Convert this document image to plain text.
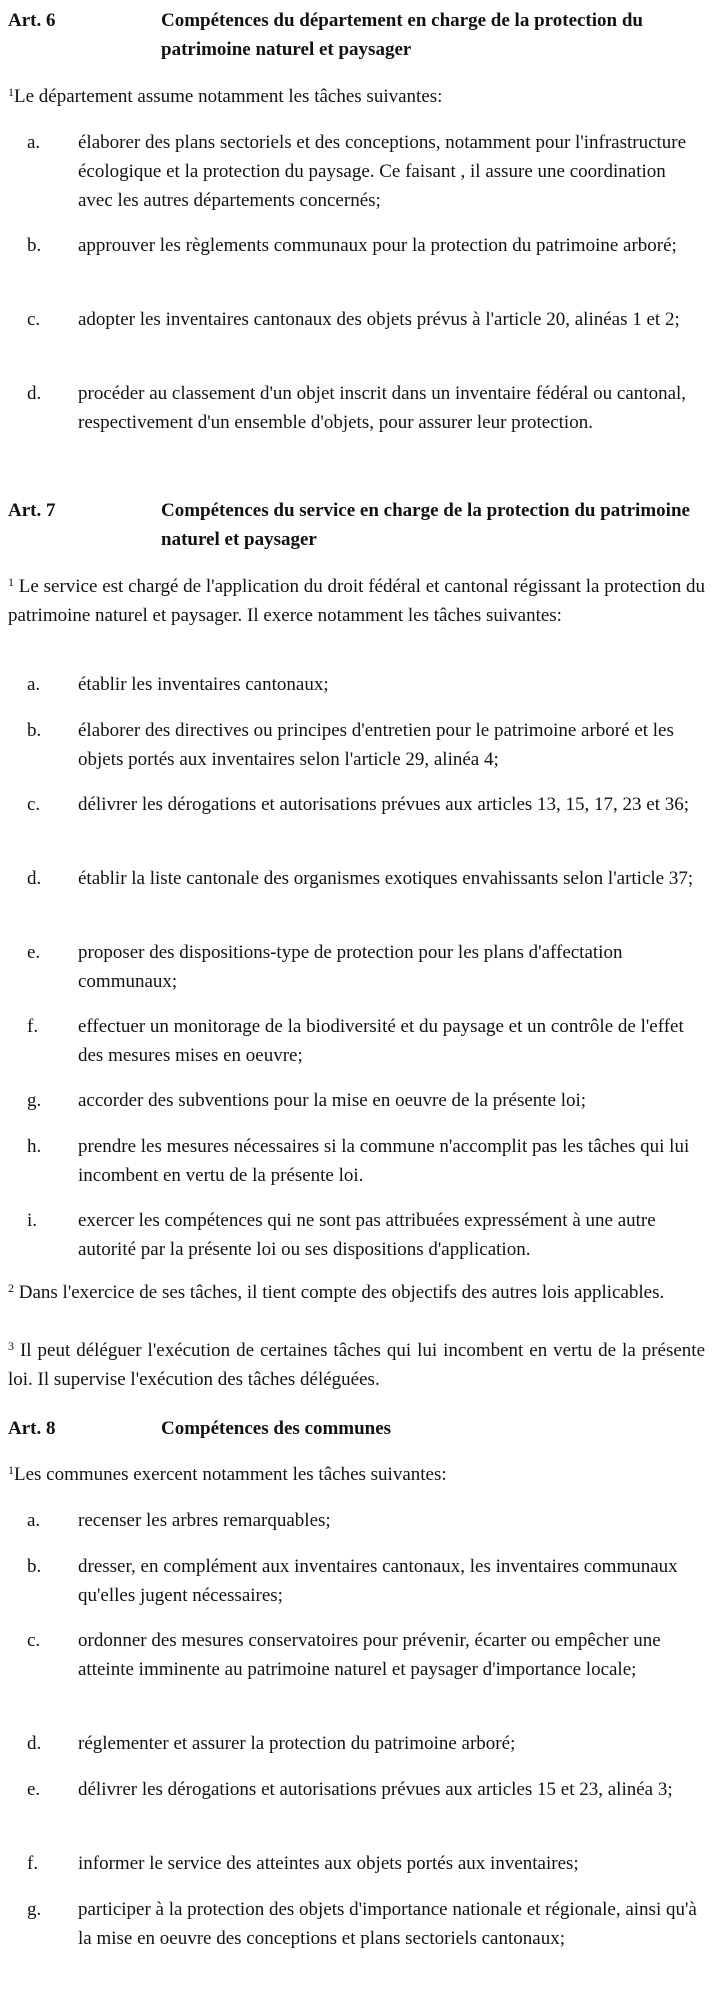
Art. 6	Compétences du département en charge de la protection du patrimoine naturel et paysager
$^1$Le département assume notamment les tâches suivantes:
a. élaborer des plans sectoriels et des conceptions, notamment pour l'infrastructure écologique et la protection du paysage. Ce faisant , il assure une coordination avec les autres départements concernés;
b. approuver les règlements communaux pour la protection du patrimoine arboré;
c. adopter les inventaires cantonaux des objets prévus à l'article 20, alinéas 1 et 2;
d. procéder au classement d'un objet inscrit dans un inventaire fédéral ou cantonal, respectivement d'un ensemble d'objets, pour assurer leur protection.
Art. 7	Compétences du service en charge de la protection du patrimoine naturel et paysager
$^1$ Le service est chargé de l'application du droit fédéral et cantonal régissant la protection du patrimoine naturel et paysager. Il exerce notamment les tâches suivantes:
a. établir les inventaires cantonaux;
b. élaborer des directives ou principes d'entretien pour le patrimoine arboré et les objets portés aux inventaires selon l'article 29, alinéa 4;
c. délivrer les dérogations et autorisations prévues aux articles 13, 15, 17, 23 et 36;
d. établir la liste cantonale des organismes exotiques envahissants selon l'article 37;
e. proposer des dispositions-type de protection pour les plans d'affectation communaux;
f. effectuer un monitorage de la biodiversité et du paysage et un contrôle de l'effet des mesures mises en oeuvre;
g. accorder des subventions pour la mise en oeuvre de la présente loi;
h. prendre les mesures nécessaires si la commune n'accomplit pas les tâches qui lui incombent en vertu de la présente loi.
i. exercer les compétences qui ne sont pas attribuées expressément à une autre autorité par la présente loi ou ses dispositions d'application.
$^2$ Dans l'exercice de ses tâches, il tient compte des objectifs des autres lois applicables.
$^3$ Il peut déléguer l'exécution de certaines tâches qui lui incombent en vertu de la présente loi. Il supervise l'exécution des tâches déléguées.
Art. 8	Compétences des communes
$^1$Les communes exercent notamment les tâches suivantes:
a. recenser les arbres remarquables;
b. dresser, en complément aux inventaires cantonaux, les inventaires communaux qu'elles jugent nécessaires;
c. ordonner des mesures conservatoires pour prévenir, écarter ou empêcher une atteinte imminente au patrimoine naturel et paysager d'importance locale;
d. réglementer et assurer la protection du patrimoine arboré;
e. délivrer les dérogations et autorisations prévues aux articles 15 et 23, alinéa 3;
f. informer le service des atteintes aux objets portés aux inventaires;
g. participer à la protection des objets d'importance nationale et régionale, ainsi qu'à la mise en oeuvre des conceptions et plans sectoriels cantonaux;
